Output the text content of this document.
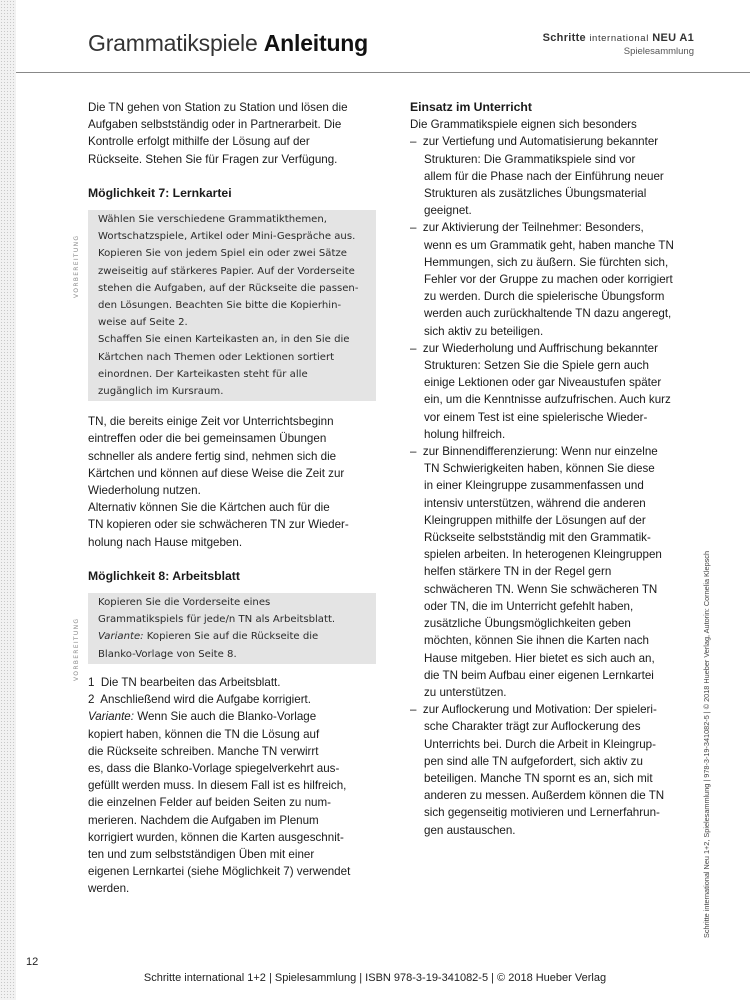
Grammatikspiele Anleitung	Schritte international NEU A1
Spielesammlung

Die TN gehen von Station zu Station und lösen die
Aufgaben selbstständig oder in Partnerarbeit. Die
Kontrolle erfolgt mithilfe der Lösung auf der
Rückseite. Stehen Sie für Fragen zur Verfügung.

Möglichkeit 7: Lernkartei

VORBEREITUNG
Wählen Sie verschiedene Grammatikthemen,
Wortschatzspiele, Artikel oder Mini-Gespräche aus.
Kopieren Sie von jedem Spiel ein oder zwei Sätze
zweiseitig auf stärkeres Papier. Auf der Vorderseite
stehen die Aufgaben, auf der Rückseite die passen-
den Lösungen. Beachten Sie bitte die Kopierhin-
weise auf Seite 2.
Schaffen Sie einen Karteikasten an, in den Sie die
Kärtchen nach Themen oder Lektionen sortiert
einordnen. Der Karteikasten steht für alle
zugänglich im Kursraum.

TN, die bereits einige Zeit vor Unterrichtsbeginn
eintreffen oder die bei gemeinsamen Übungen
schneller als andere fertig sind, nehmen sich die
Kärtchen und können auf diese Weise die Zeit zur
Wiederholung nutzen.
Alternativ können Sie die Kärtchen auch für die
TN kopieren oder sie schwächeren TN zur Wieder-
holung nach Hause mitgeben.

Möglichkeit 8: Arbeitsblatt

VORBEREITUNG
Kopieren Sie die Vorderseite eines
Grammatikspiels für jede/n TN als Arbeitsblatt.
Variante: Kopieren Sie auf die Rückseite die
Blanko-Vorlage von Seite 8.

1 Die TN bearbeiten das Arbeitsblatt.

2 Anschließend wird die Aufgabe korrigiert.

Variante: Wenn Sie auch die Blanko-Vorlage
kopiert haben, können die TN die Lösung auf
die Rückseite schreiben. Manche TN verwirrt
es, dass die Blanko-Vorlage spiegelverkehrt aus-
gefüllt werden muss. In diesem Fall ist es hilfreich,
die einzelnen Felder auf beiden Seiten zu num-
merieren. Nachdem die Aufgaben im Plenum
korrigiert wurden, können die Karten ausgeschnit-
ten und zum selbstständigen Üben mit einer
eigenen Lernkartei (siehe Möglichkeit 7) verwendet
werden.

Einsatz im Unterricht

Die Grammatikspiele eignen sich besonders

–  zur Vertiefung und Automatisierung bekannter
Strukturen: Die Grammatikspiele sind vor
allem für die Phase nach der Einführung neuer
Strukturen als zusätzliches Übungsmaterial
geeignet.

–  zur Aktivierung der Teilnehmer: Besonders,
wenn es um Grammatik geht, haben manche TN
Hemmungen, sich zu äußern. Sie fürchten sich,
Fehler vor der Gruppe zu machen oder korrigiert
zu werden. Durch die spielerische Übungsform
werden auch zurückhaltende TN dazu angeregt,
sich aktiv zu beteiligen.

–  zur Wiederholung und Auffrischung bekannter
Strukturen: Setzen Sie die Spiele gern auch
einige Lektionen oder gar Niveaustufen später
ein, um die Kenntnisse aufzufrischen. Auch kurz
vor einem Test ist eine spielerische Wieder-
holung hilfreich.

–  zur Binnendifferenzierung: Wenn nur einzelne
TN Schwierigkeiten haben, können Sie diese
in einer Kleingruppe zusammenfassen und
intensiv unterstützen, während die anderen
Kleingruppen mithilfe der Lösungen auf der
Rückseite selbstständig mit den Grammatik-
spielen arbeiten. In heterogenen Kleingruppen
helfen stärkere TN in der Regel gern
schwächeren TN. Wenn Sie schwächeren TN
oder TN, die im Unterricht gefehlt haben,
zusätzliche Übungsmöglichkeiten geben
möchten, können Sie ihnen die Karten nach
Hause mitgeben. Hier bietet es sich auch an,
die TN beim Aufbau einer eigenen Lernkartei
zu unterstützen.

–  zur Auflockerung und Motivation: Der spieleri-
sche Charakter trägt zur Auflockerung des
Unterrichts bei. Durch die Arbeit in Kleingrup-
pen sind alle TN aufgefordert, sich aktiv zu
beteiligen. Manche TN spornt es an, sich mit
anderen zu messen. Außerdem können die TN
sich gegenseitig motivieren und Lernerfahrun-
gen austauschen.	Schritte international Neu 1+2, Spielesammlung | 978-3-19-341082-5 | © 2018 Hueber Verlag, Autorin: Cornelia Klepsch
12
Schritte international 1+2 | Spielesammlung | ISBN 978-3-19-341082-5 | © 2018 Hueber Verlag
